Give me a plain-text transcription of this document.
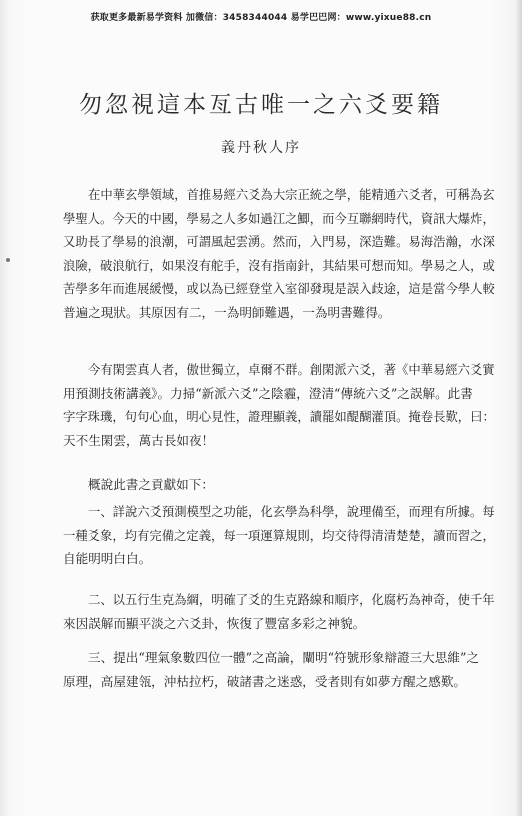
获取更多最新易学资料 加微信：3458344044 易学巴巴网：www.yixue88.cn
勿忽視這本亙古唯一之六爻要籍
義丹秋人序
在中華玄學領域，首推易經六爻為大宗正統之學，能精通六爻者，可稱為玄
學聖人。今天的中國，學易之人多如過江之鯽，而今互聯網時代，資訊大爆炸，
又助長了學易的浪潮，可謂風起雲湧。然而，入門易，深造難。易海浩瀚，水深
浪險，破浪航行，如果沒有舵手，沒有指南針，其結果可想而知。學易之人，或
苦學多年而進展緩慢，或以為已經登堂入室卻發現是誤入歧途，這是當今學人較
普遍之現狀。其原因有二，一為明師難遇，一為明書難得。
今有閑雲真人者，傲世獨立，卓爾不群。創閑派六爻，著《中華易經六爻實
用預測技術講義》。力掃“新派六爻”之陰霾，澄清“傳統六爻”之誤解。此書
字字珠璣，句句心血，明心見性，證理顯義，讀罷如醍醐灌頂。掩卷長歎，曰：
天不生閑雲，萬古長如夜！
概說此書之貢獻如下：
一、詳說六爻預測模型之功能，化玄學為科學，說理備至，而理有所據。每
一種爻象，均有完備之定義，每一項運算規則，均交待得清清楚楚，讀而習之，
自能明明白白。
二、以五行生克為綱，明確了爻的生克路線和順序，化腐朽為神奇，使千年
來因誤解而顯平淡之六爻卦，恢復了豐富多彩之神貌。
三、提出“理氣象數四位一體”之高論，闡明“符號形象辯證三大思維”之
原理，高屋建瓴，沖枯拉朽，破諸書之迷惑，受者則有如夢方醒之感歎。
